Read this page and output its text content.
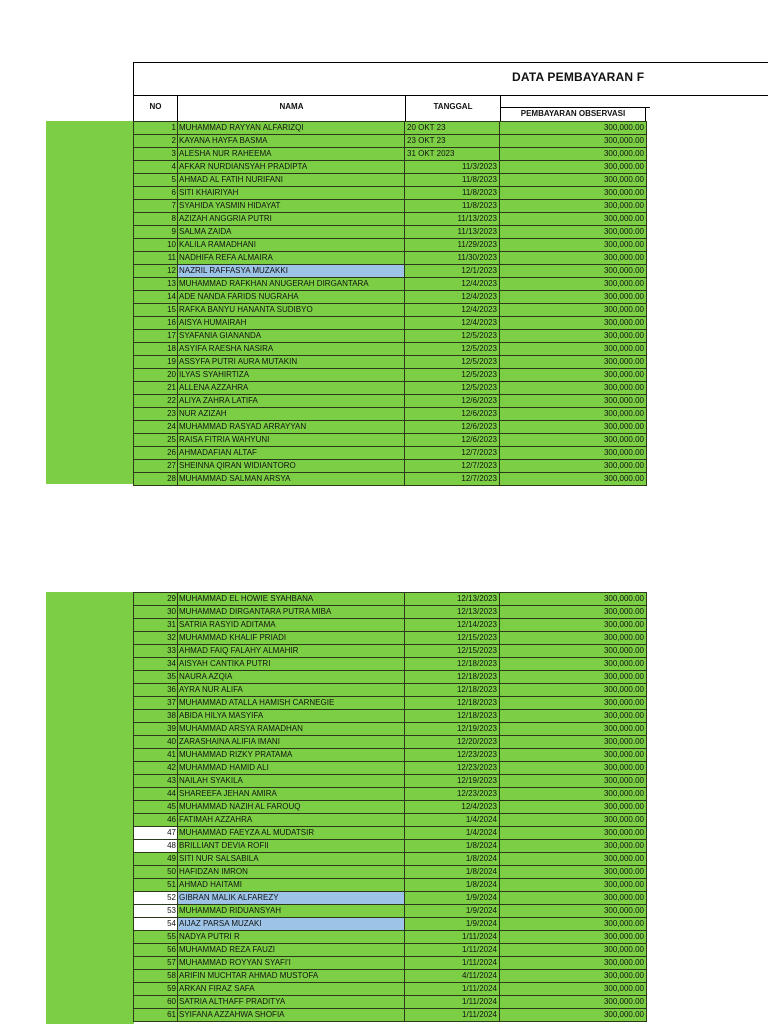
DATA PEMBAYARAN F
NO	NAMA	TANGGAL
PEMBAYARAN OBSERVASI
1	MUHAMMAD RAYYAN ALFARIZQI	20 OKT 23	300,000.00
2	KAYANA HAYFA BASMA	23 OKT 23	300,000.00
3	ALESHA NUR RAHEEMA	31 OKT 2023	300,000.00
4	AFKAR NURDIANSYAH PRADIPTA	11/3/2023	300,000.00
5	AHMAD AL FATIH NURIFANI	11/8/2023	300,000.00
6	SITI KHAIRIYAH	11/8/2023	300,000.00
7	SYAHIDA YASMIN HIDAYAT	11/8/2023	300,000.00
8	AZIZAH ANGGRIA PUTRI	11/13/2023	300,000.00
9	SALMA ZAIDA	11/13/2023	300,000.00
10	KALILA RAMADHANI	11/29/2023	300,000.00
11	NADHIFA REFA ALMAIRA	11/30/2023	300,000.00
12	NAZRIL RAFFASYA MUZAKKI	12/1/2023	300,000.00
13	MUHAMMAD RAFKHAN ANUGERAH DIRGANTARA	12/4/2023	300,000.00
14	ADE NANDA FARIDS NUGRAHA	12/4/2023	300,000.00
15	RAFKA BANYU HANANTA SUDIBYO	12/4/2023	300,000.00
16	AISYA HUMAIRAH	12/4/2023	300,000.00
17	SYAFANIA GIANANDA	12/5/2023	300,000.00
18	ASYIFA RAESHA NASIRA	12/5/2023	300,000.00
19	ASSYFA PUTRI AURA MUTAKIN	12/5/2023	300,000.00
20	ILYAS SYAHIRTIZA	12/5/2023	300,000.00
21	ALLENA AZZAHRA	12/5/2023	300,000.00
22	ALIYA ZAHRA LATIFA	12/6/2023	300,000.00
23	NUR AZIZAH	12/6/2023	300,000.00
24	MUHAMMAD RASYAD ARRAYYAN	12/6/2023	300,000.00
25	RAISA FITRIA WAHYUNI	12/6/2023	300,000.00
26	AHMADAFIAN ALTAF	12/7/2023	300,000.00
27	SHEINNA QIRAN WIDIANTORO	12/7/2023	300,000.00
28	MUHAMMAD SALMAN ARSYA	12/7/2023	300,000.00
29	MUHAMMAD EL HOWIE SYAHBANA	12/13/2023	300,000.00
30	MUHAMMAD DIRGANTARA PUTRA MIBA	12/13/2023	300,000.00
31	SATRIA RASYID ADITAMA	12/14/2023	300,000.00
32	MUHAMMAD KHALIF PRIADI	12/15/2023	300,000.00
33	AHMAD FAIQ FALAHY ALMAHIR	12/15/2023	300,000.00
34	AISYAH CANTIKA PUTRI	12/18/2023	300,000.00
35	NAURA AZQIA	12/18/2023	300,000.00
36	AYRA NUR ALIFA	12/18/2023	300,000.00
37	MUHAMMAD ATALLA HAMISH CARNEGIE	12/18/2023	300,000.00
38	ABIDA HILYA MASYIFA	12/18/2023	300,000.00
39	MUHAMMAD ARSYA RAMADHAN	12/19/2023	300,000.00
40	ZARASHAINA ALIFIA IMANI	12/20/2023	300,000.00
41	MUHAMMAD RIZKY PRATAMA	12/23/2023	300,000.00
42	MUHAMMAD HAMID ALI	12/23/2023	300,000.00
43	NAILAH SYAKILA	12/19/2023	300,000.00
44	SHAREEFA JEHAN AMIRA	12/23/2023	300,000.00
45	MUHAMMAD NAZIH AL FAROUQ	12/4/2023	300,000.00
46	FATIMAH AZZAHRA	1/4/2024	300,000.00
47	MUHAMMAD FAEYZA AL MUDATSIR	1/4/2024	300,000.00
48	BRILLIANT DEVIA ROFII	1/8/2024	300,000.00
49	SITI NUR SALSABILA	1/8/2024	300,000.00
50	HAFIDZAN IMRON	1/8/2024	300,000.00
51	AHMAD HAITAMI	1/8/2024	300,000.00
52	GIBRAN MALIK ALFAREZY	1/9/2024	300,000.00
53	MUHAMMAD RIDUANSYAH	1/9/2024	300,000.00
54	AIJAZ PARSA MUZAKI	1/9/2024	300,000.00
55	NADYA PUTRI R	1/11/2024	300,000.00
56	MUHAMMAD REZA FAUZI	1/11/2024	300,000.00
57	MUHAMMAD ROYYAN SYAFI'I	1/11/2024	300,000.00
58	ARIFIN MUCHTAR AHMAD MUSTOFA	4/11/2024	300,000.00
59	ARKAN FIRAZ SAFA	1/11/2024	300,000.00
60	SATRIA ALTHAFF PRADITYA	1/11/2024	300,000.00
61	SYIFANA AZZAHWA SHOFIA	1/11/2024	300,000.00
